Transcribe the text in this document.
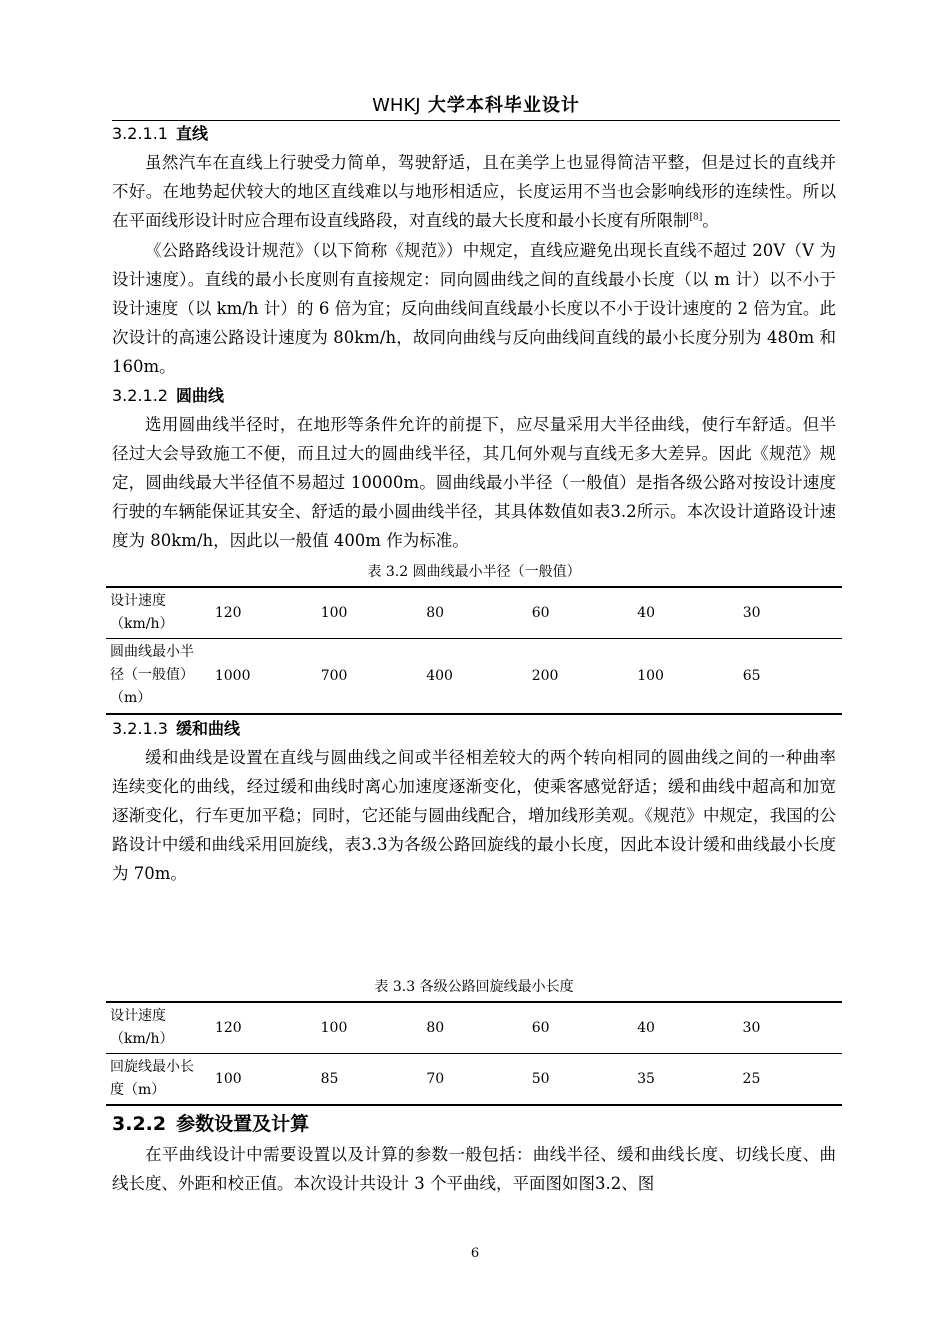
WHKJ 大学本科毕业设计
3.2.1.1 直线

虽然汽车在直线上行驶受力简单，驾驶舒适，且在美学上也显得简洁平整，但是过长的直线并不好。在地势起伏较大的地区直线难以与地形相适应，长度运用不当也会影响线形的连续性。所以在平面线形设计时应合理布设直线路段，对直线的最大长度和最小长度有所限制[8]。

《公路路线设计规范》（以下简称《规范》）中规定，直线应避免出现长直线不超过 20V（V 为设计速度）。直线的最小长度则有直接规定：同向圆曲线之间的直线最小长度（以 m 计）以不小于设计速度（以 km/h 计）的 6 倍为宜；反向曲线间直线最小长度以不小于设计速度的 2 倍为宜。此次设计的高速公路设计速度为 80km/h，故同向曲线与反向曲线间直线的最小长度分别为 480m 和 160m。

3.2.1.2 圆曲线

选用圆曲线半径时，在地形等条件允许的前提下，应尽量采用大半径曲线，使行车舒适。但半径过大会导致施工不便，而且过大的圆曲线半径，其几何外观与直线无多大差异。因此《规范》规定，圆曲线最大半径值不易超过 10000m。圆曲线最小半径（一般值）是指各级公路对按设计速度行驶的车辆能保证其安全、舒适的最小圆曲线半径，其具体数值如表3.2所示。本次设计道路设计速度为 80km/h，因此以一般值 400m 作为标准。

表 3.2 圆曲线最小半径（一般值）
设计速度（km/h）	120	100	80	60	40	30
圆曲线最小半径（一般值）（m）	1000	700	400	200	100	65
3.2.1.3 缓和曲线

缓和曲线是设置在直线与圆曲线之间或半径相差较大的两个转向相同的圆曲线之间的一种曲率连续变化的曲线，经过缓和曲线时离心加速度逐渐变化，使乘客感觉舒适；缓和曲线中超高和加宽逐渐变化，行车更加平稳；同时，它还能与圆曲线配合，增加线形美观。《规范》中规定，我国的公路设计中缓和曲线采用回旋线，表3.3为各级公路回旋线的最小长度，因此本设计缓和曲线最小长度为 70m。

表 3.3 各级公路回旋线最小长度
设计速度（km/h）	120	100	80	60	40	30
回旋线最小长度（m）	100	85	70	50	35	25
3.2.2 参数设置及计算

在平曲线设计中需要设置以及计算的参数一般包括：曲线半径、缓和曲线长度、切线长度、曲线长度、外距和校正值。本次设计共设计 3 个平曲线，平面图如图3.2、图

6
